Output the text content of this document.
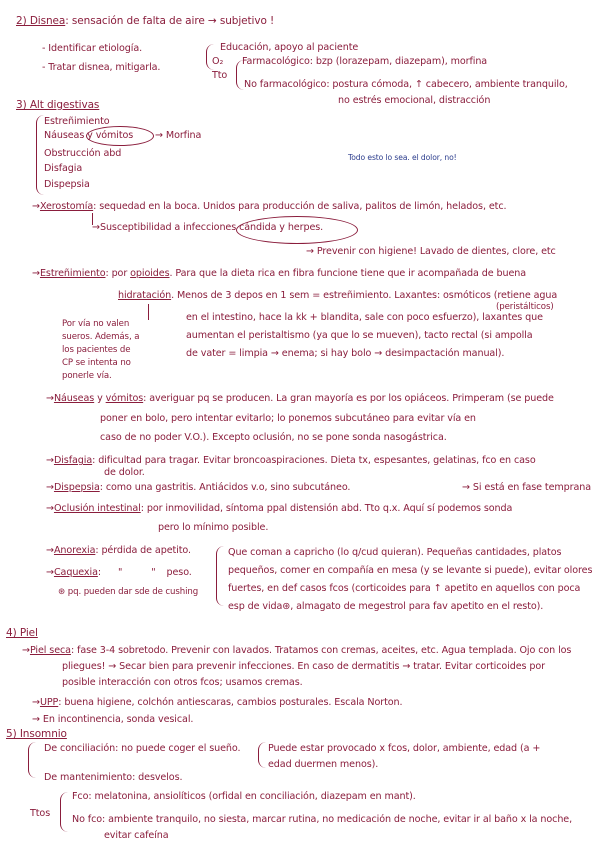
2) Disnea: sensación de falta de aire → subjetivo !
- Identificar etiología.
- Tratar disnea, mitigarla.
Educación, apoyo al paciente
O₂
Tto
Farmacológico: bzp (lorazepam, diazepam), morfina
No farmacológico: postura cómoda, ↑ cabecero, ambiente tranquilo,
no estrés emocional, distracción
3) Alt digestivas
Estreñimiento
Náuseas y vómitos → Morfina
Obstrucción abd
Disfagia
Dispepsia
Todo esto lo sea. el dolor, no!
→Xerostomía: sequedad en la boca. Unidos para producción de saliva, palitos de limón, helados, etc.
→Susceptibilidad a infecciones cándida y herpes.
→ Prevenir con higiene! Lavado de dientes, clore, etc
→Estreñimiento: por opioides. Para que la dieta rica en fibra funcione tiene que ir acompañada de buena
hidratación. Menos de 3 depos en 1 sem = estreñimiento. Laxantes: osmóticos (retiene agua
(peristálticos)
en el intestino, hace la kk + blandita, sale con poco esfuerzo), laxantes que
aumentan el peristaltismo (ya que lo se mueven), tacto rectal (si ampolla
de vater = limpia → enema; si hay bolo → desimpactación manual).
Por vía no valen
sueros. Además, a
los pacientes de
CP se intenta no
ponerle vía.
→Náuseas y vómitos: averiguar pq se producen. La gran mayoría es por los opiáceos. Primperam (se puede
poner en bolo, pero intentar evitarlo; lo ponemos subcutáneo para evitar vía en
caso de no poder V.O.). Excepto oclusión, no se pone sonda nasogástrica.
→Disfagia: dificultad para tragar. Evitar broncoaspiraciones. Dieta tx, espesantes, gelatinas, fco en caso
de dolor.
→Dispepsia: como una gastritis. Antiácidos v.o, sino subcutáneo.	→ Si está en fase temprana
→Oclusión intestinal: por inmovilidad, síntoma ppal distensión abd. Tto q.x. Aquí sí podemos sonda
pero lo mínimo posible.
→Anorexia: pérdida de apetito.
→Caquexia: "	" peso.
⊛ pq. pueden dar sde de cushing
Que coman a capricho (lo q/cud quieran). Pequeñas cantidades, platos
pequeños, comer en compañía en mesa (y se levante si puede), evitar olores
fuertes, en def casos fcos (corticoides para ↑ apetito en aquellos con poca
esp de vida⊛, almagato de megestrol para fav apetito en el resto).
4) Piel
→Piel seca: fase 3-4 sobretodo. Prevenir con lavados. Tratamos con cremas, aceites, etc. Agua templada. Ojo con los
pliegues! → Secar bien para prevenir infecciones. En caso de dermatitis → tratar. Evitar corticoides por
posible interacción con otros fcos; usamos cremas.
→UPP: buena higiene, colchón antiescaras, cambios posturales. Escala Norton.
→ En incontinencia, sonda vesical.
5) Insomnio
De conciliación: no puede coger el sueño.
De mantenimiento: desvelos.
Puede estar provocado x fcos, dolor, ambiente, edad (a +
edad duermen menos).
Ttos
Fco: melatonina, ansiolíticos (orfidal en conciliación, diazepam en mant).
No fco: ambiente tranquilo, no siesta, marcar rutina, no medicación de noche, evitar ir al baño x la noche,
evitar cafeína
